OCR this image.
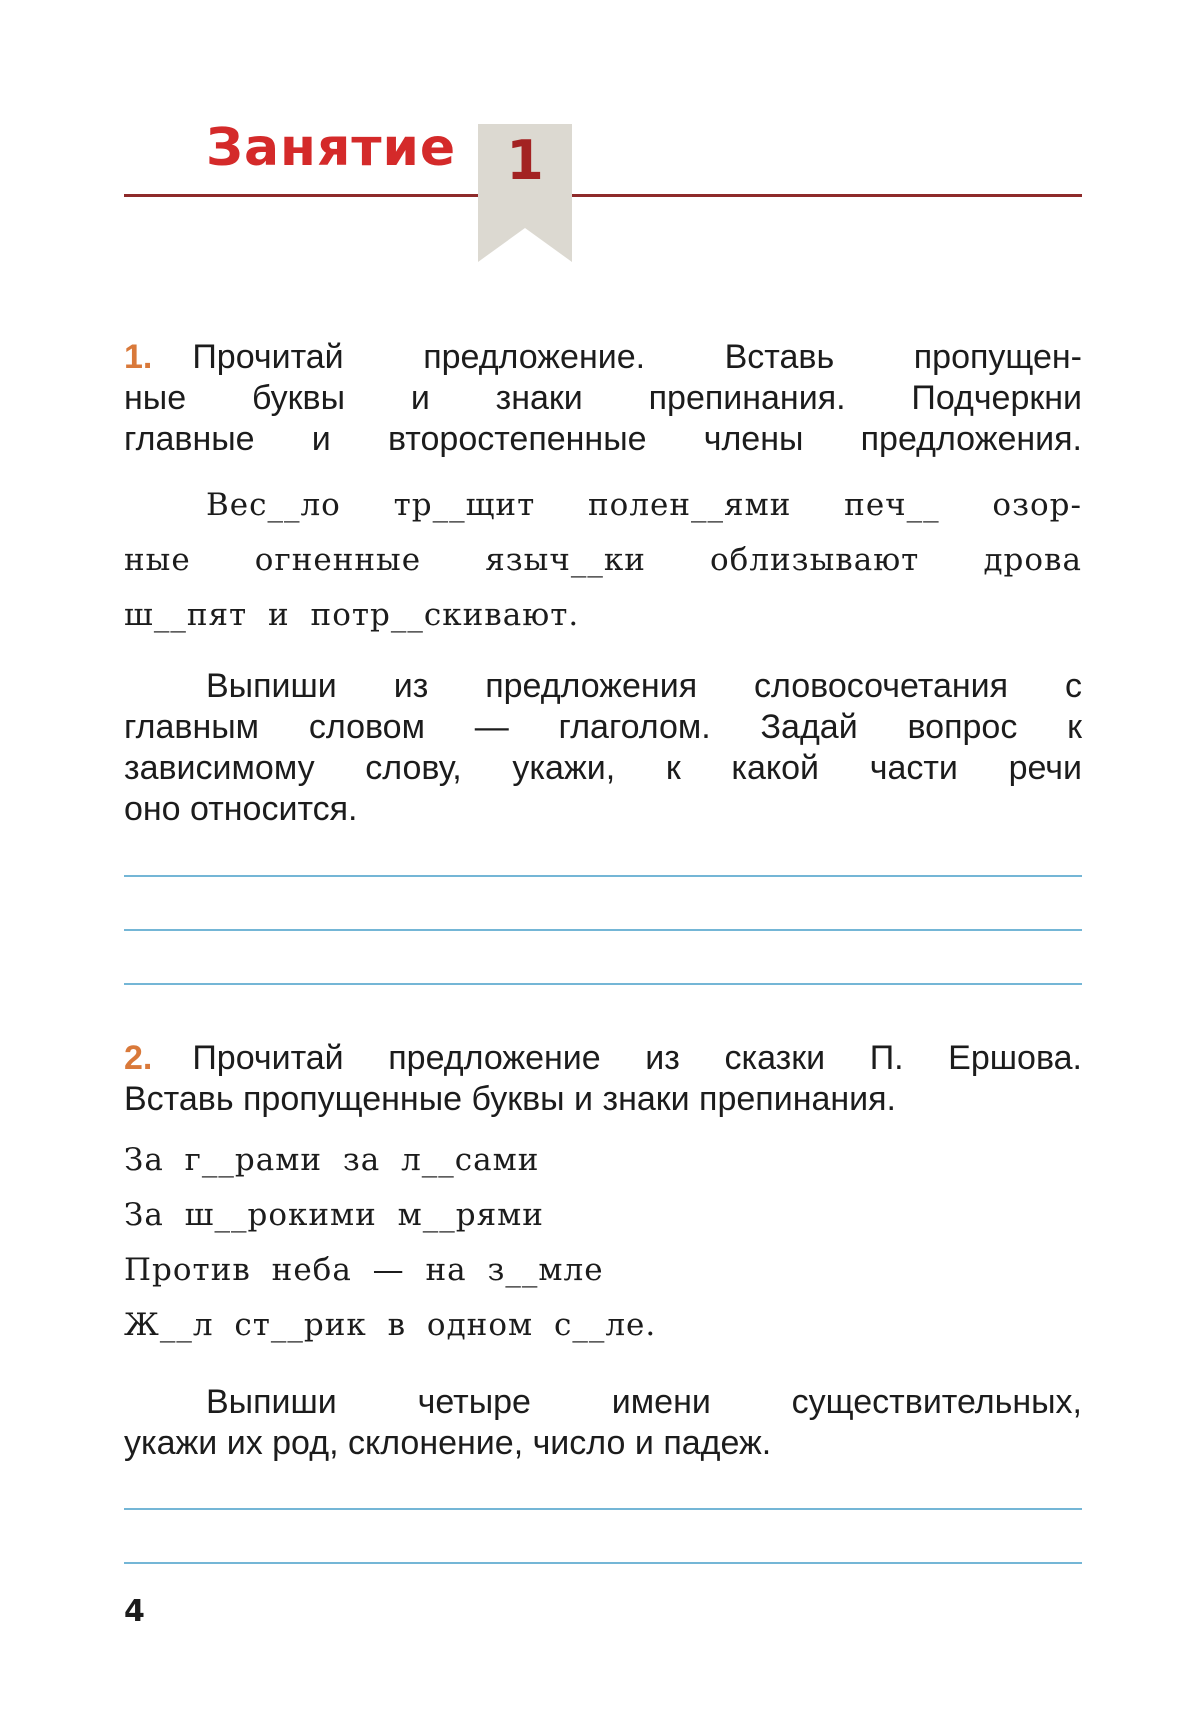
Занятие 1
1. Прочитай предложение. Вставь пропущен-
ные буквы и знаки препинания. Подчеркни
главные и второстепенные члены предложения.
Вес__ло тр__щит полен__ями печ__ озор-
ные огненные языч__ки облизывают дрова
ш__пят и потр__скивают.
Выпиши из предложения словосочетания с
главным словом — глаголом. Задай вопрос к
зависимому слову, укажи, к какой части речи
оно относится.
2. Прочитай предложение из сказки П. Ершова.
Вставь пропущенные буквы и знаки препинания.
За г__рами за л__сами
За ш__рокими м__рями
Против неба — на з__мле
Ж__л ст__рик в одном с__ле.
Выпиши четыре имени существительных,
укажи их род, склонение, число и падеж.
4
